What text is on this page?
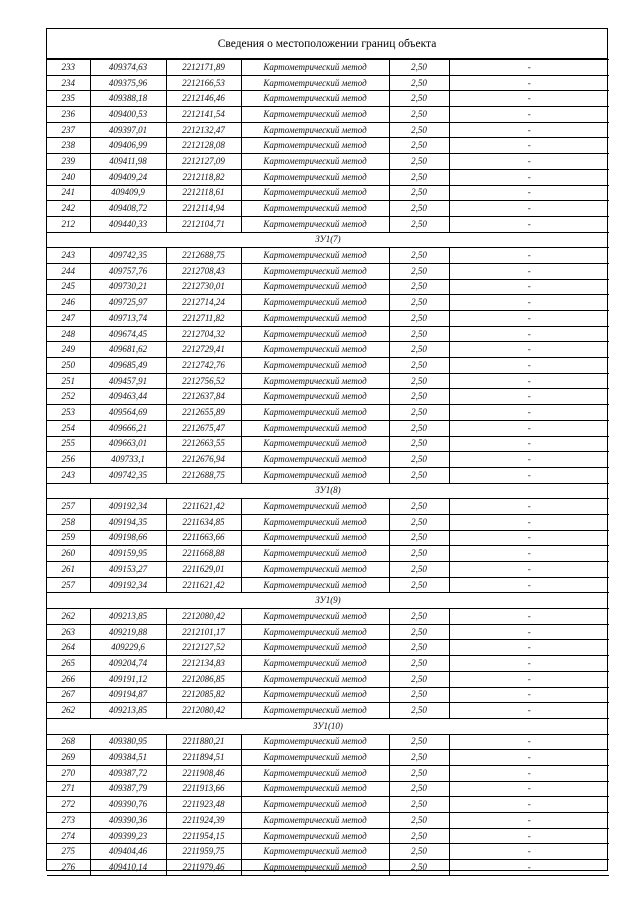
Сведения о местоположении границ объекта
233	409374,63	2212171,89	Картометрический метод	2,50	-
234	409375,96	2212166,53	Картометрический метод	2,50	-
235	409388,18	2212146,46	Картометрический метод	2,50	-
236	409400,53	2212141,54	Картометрический метод	2,50	-
237	409397,01	2212132,47	Картометрический метод	2,50	-
238	409406,99	2212128,08	Картометрический метод	2,50	-
239	409411,98	2212127,09	Картометрический метод	2,50	-
240	409409,24	2212118,82	Картометрический метод	2,50	-
241	409409,9	2212118,61	Картометрический метод	2,50	-
242	409408,72	2212114,94	Картометрический метод	2,50	-
212	409440,33	2212104,71	Картометрический метод	2,50	-
ЗУ1(7)					
243	409742,35	2212688,75	Картометрический метод	2,50	-
244	409757,76	2212708,43	Картометрический метод	2,50	-
245	409730,21	2212730,01	Картометрический метод	2,50	-
246	409725,97	2212714,24	Картометрический метод	2,50	-
247	409713,74	2212711,82	Картометрический метод	2,50	-
248	409674,45	2212704,32	Картометрический метод	2,50	-
249	409681,62	2212729,41	Картометрический метод	2,50	-
250	409685,49	2212742,76	Картометрический метод	2,50	-
251	409457,91	2212756,52	Картометрический метод	2,50	-
252	409463,44	2212637,84	Картометрический метод	2,50	-
253	409564,69	2212655,89	Картометрический метод	2,50	-
254	409666,21	2212675,47	Картометрический метод	2,50	-
255	409663,01	2212663,55	Картометрический метод	2,50	-
256	409733,1	2212676,94	Картометрический метод	2,50	-
243	409742,35	2212688,75	Картометрический метод	2,50	-
ЗУ1(8)					
257	409192,34	2211621,42	Картометрический метод	2,50	-
258	409194,35	2211634,85	Картометрический метод	2,50	-
259	409198,66	2211663,66	Картометрический метод	2,50	-
260	409159,95	2211668,88	Картометрический метод	2,50	-
261	409153,27	2211629,01	Картометрический метод	2,50	-
257	409192,34	2211621,42	Картометрический метод	2,50	-
ЗУ1(9)					
262	409213,85	2212080,42	Картометрический метод	2,50	-
263	409219,88	2212101,17	Картометрический метод	2,50	-
264	409229,6	2212127,52	Картометрический метод	2,50	-
265	409204,74	2212134,83	Картометрический метод	2,50	-
266	409191,12	2212086,85	Картометрический метод	2,50	-
267	409194,87	2212085,82	Картометрический метод	2,50	-
262	409213,85	2212080,42	Картометрический метод	2,50	-
ЗУ1(10)					
268	409380,95	2211880,21	Картометрический метод	2,50	-
269	409384,51	2211894,51	Картометрический метод	2,50	-
270	409387,72	2211908,46	Картометрический метод	2,50	-
271	409387,79	2211913,66	Картометрический метод	2,50	-
272	409390,76	2211923,48	Картометрический метод	2,50	-
273	409390,36	2211924,39	Картометрический метод	2,50	-
274	409399,23	2211954,15	Картометрический метод	2,50	-
275	409404,46	2211959,75	Картометрический метод	2,50	-
276	409410,14	2211979,46	Картометрический метод	2,50	-
